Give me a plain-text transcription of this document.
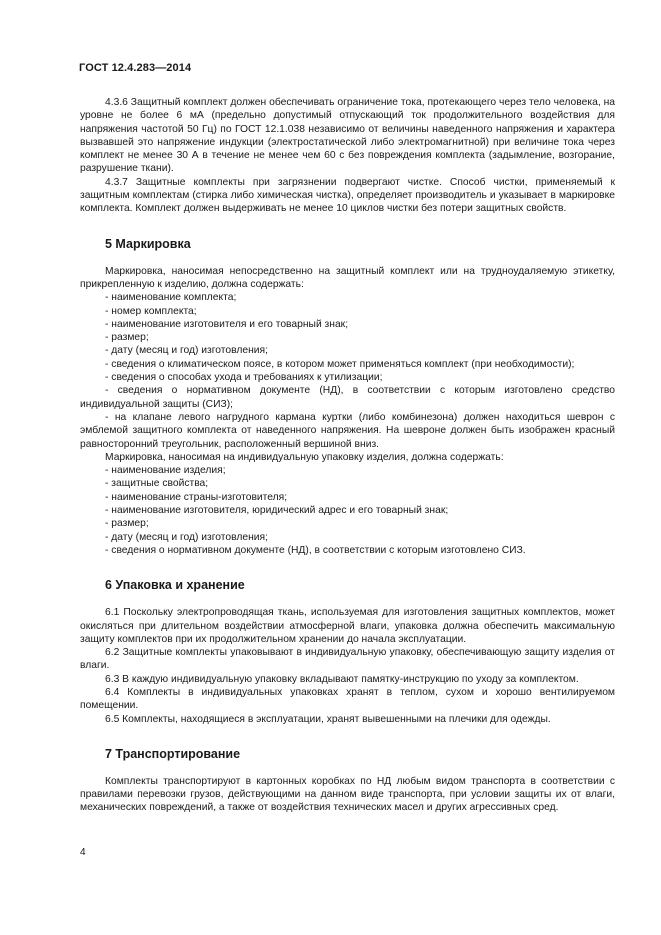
ГОСТ 12.4.283—2014

4.3.6 Защитный комплект должен обеспечивать ограничение тока, протекающего через тело человека, на уровне не более 6 мА (предельно допустимый отпускающий ток продолжительного воздействия для напряжения частотой 50 Гц) по ГОСТ 12.1.038 независимо от величины наведенного напряжения и характера вызвавшей это напряжение индукции (электростатической либо электромагнитной) при величине тока через комплект не менее 30 А в течение не менее чем 60 с без повреждения комплекта (задымление, возгорание, разрушение ткани).

4.3.7 Защитные комплекты при загрязнении подвергают чистке. Способ чистки, применяемый к защитным комплектам (стирка либо химическая чистка), определяет производитель и указывает в маркировке комплекта. Комплект должен выдерживать не менее 10 циклов чистки без потери защитных свойств.

5 Маркировка

Маркировка, наносимая непосредственно на защитный комплект или на трудноудаляемую этикетку, прикрепленную к изделию, должна содержать:

- наименование комплекта;
- номер комплекта;
- наименование изготовителя и его товарный знак;
- размер;
- дату (месяц и год) изготовления;
- сведения о климатическом поясе, в котором может применяться комплект (при необходимости);
- сведения о способах ухода и требованиях к утилизации;
- сведения о нормативном документе (НД), в соответствии с которым изготовлено средство индивидуальной защиты (СИЗ);
- на клапане левого нагрудного кармана куртки (либо комбинезона) должен находиться шеврон с эмблемой защитного комплекта от наведенного напряжения. На шевроне должен быть изображен красный равносторонний треугольник, расположенный вершиной вниз.

Маркировка, наносимая на индивидуальную упаковку изделия, должна содержать:

- наименование изделия;
- защитные свойства;
- наименование страны-изготовителя;
- наименование изготовителя, юридический адрес и его товарный знак;
- размер;
- дату (месяц и год) изготовления;
- сведения о нормативном документе (НД), в соответствии с которым изготовлено СИЗ.
6 Упаковка и хранение

6.1 Поскольку электропроводящая ткань, используемая для изготовления защитных комплектов, может окисляться при длительном воздействии атмосферной влаги, упаковка должна обеспечить максимальную защиту комплектов при их продолжительном хранении до начала эксплуатации.

6.2 Защитные комплекты упаковывают в индивидуальную упаковку, обеспечивающую защиту изделия от влаги.

6.3 В каждую индивидуальную упаковку вкладывают памятку-инструкцию по уходу за комплектом.

6.4 Комплекты в индивидуальных упаковках хранят в теплом, сухом и хорошо вентилируемом помещении.

6.5 Комплекты, находящиеся в эксплуатации, хранят вывешенными на плечики для одежды.

7 Транспортирование

Комплекты транспортируют в картонных коробках по НД любым видом транспорта в соответствии с правилами перевозки грузов, действующими на данном виде транспорта, при условии защиты их от влаги, механических повреждений, а также от воздействия технических масел и других агрессивных сред.

4
